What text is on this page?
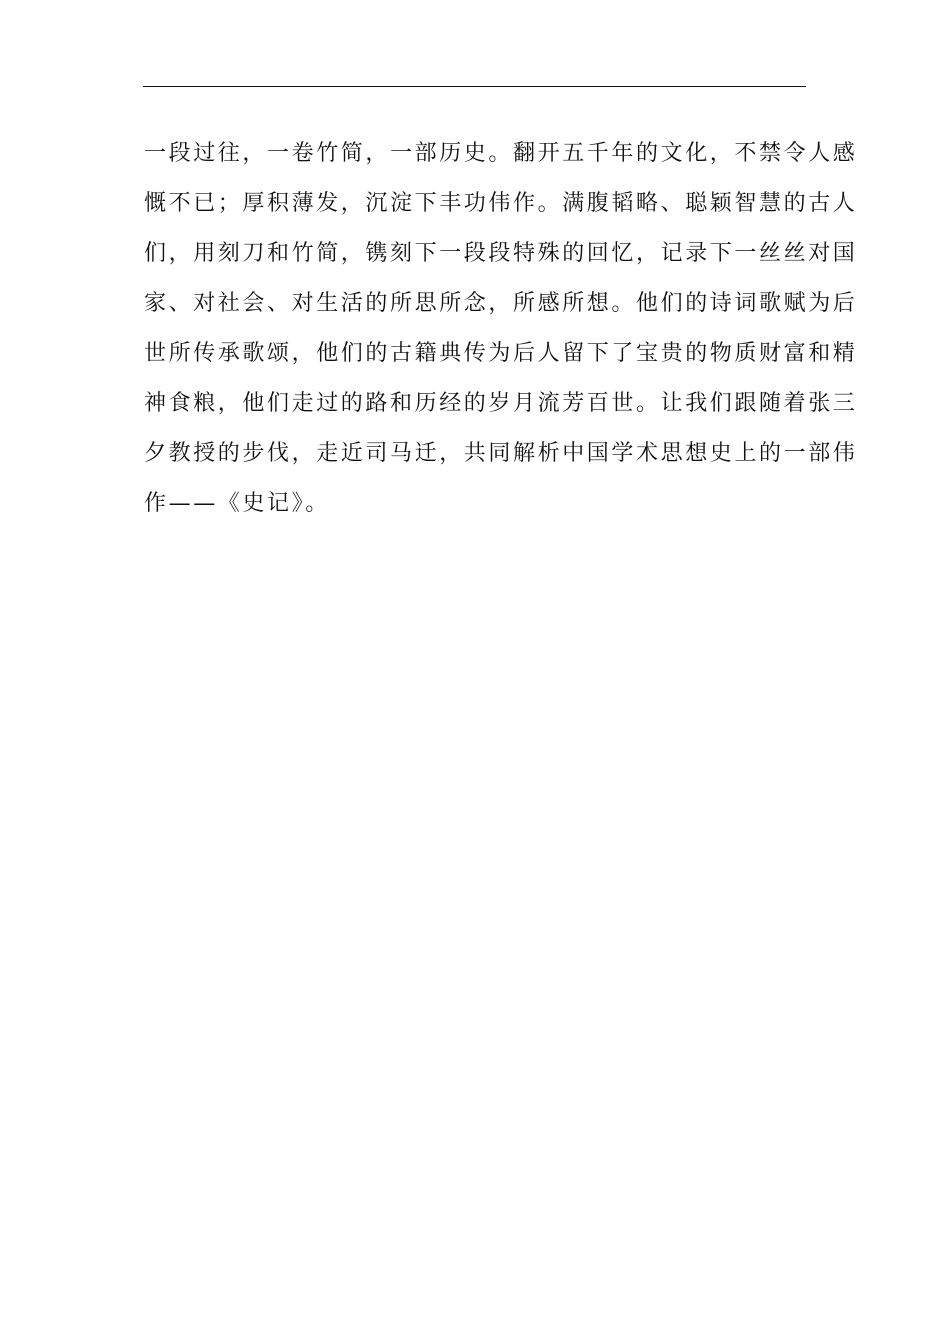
一段过往，一卷竹简，一部历史。翻开五千年的文化，不禁令人感
慨不已；厚积薄发，沉淀下丰功伟作。满腹韬略、聪颖智慧的古人
们，用刻刀和竹简，镌刻下一段段特殊的回忆，记录下一丝丝对国
家、对社会、对生活的所思所念，所感所想。他们的诗词歌赋为后
世所传承歌颂，他们的古籍典传为后人留下了宝贵的物质财富和精
神食粮，他们走过的路和历经的岁月流芳百世。让我们跟随着张三
夕教授的步伐，走近司马迁，共同解析中国学术思想史上的一部伟
作——《史记》。
